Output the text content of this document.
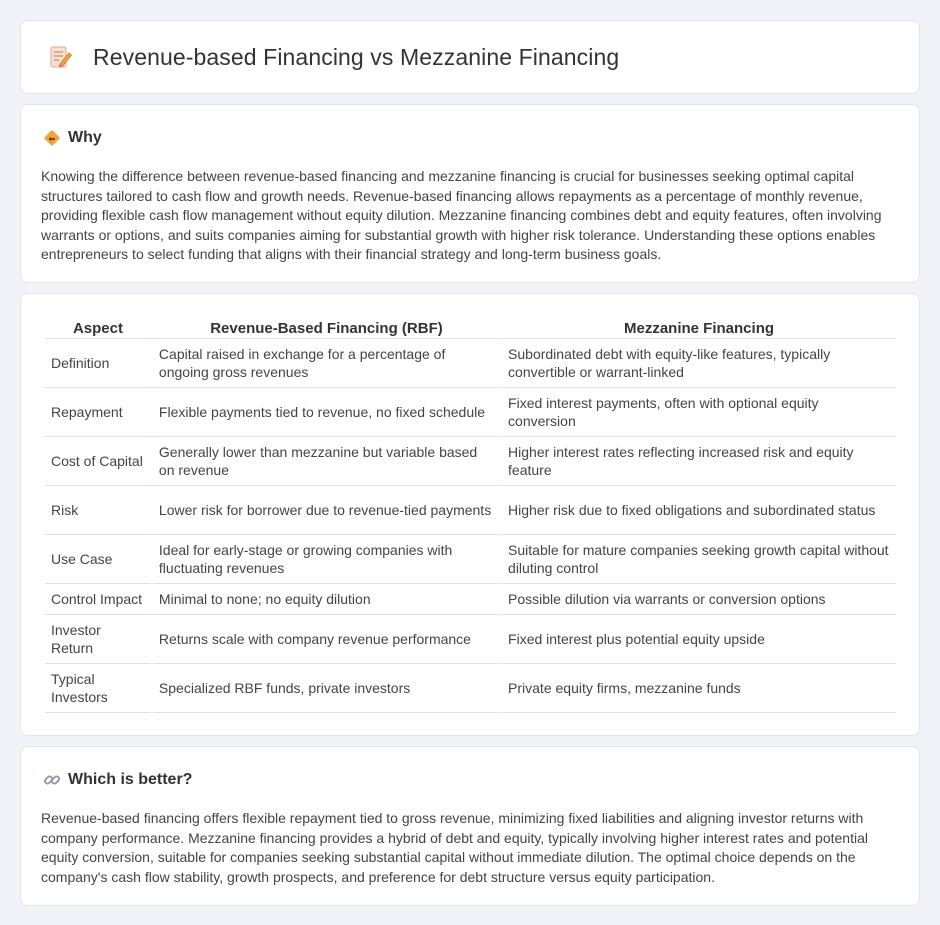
Revenue-based Financing vs Mezzanine Financing
Why

Knowing the difference between revenue-based financing and mezzanine financing is crucial for businesses seeking optimal capital structures tailored to cash flow and growth needs. Revenue-based financing allows repayments as a percentage of monthly revenue, providing flexible cash flow management without equity dilution. Mezzanine financing combines debt and equity features, often involving warrants or options, and suits companies aiming for substantial growth with higher risk tolerance. Understanding these options enables entrepreneurs to select funding that aligns with their financial strategy and long-term business goals.

Aspect	Revenue-Based Financing (RBF)	Mezzanine Financing
Definition	Capital raised in exchange for a percentage of ongoing gross revenues	Subordinated debt with equity-like features, typically convertible or warrant-linked
Repayment	Flexible payments tied to revenue, no fixed schedule	Fixed interest payments, often with optional equity conversion
Cost of Capital	Generally lower than mezzanine but variable based on revenue	Higher interest rates reflecting increased risk and equity feature
Risk	Lower risk for borrower due to revenue-tied payments	Higher risk due to fixed obligations and subordinated status
Use Case	Ideal for early-stage or growing companies with fluctuating revenues	Suitable for mature companies seeking growth capital without diluting control
Control Impact	Minimal to none; no equity dilution	Possible dilution via warrants or conversion options
Investor Return	Returns scale with company revenue performance	Fixed interest plus potential equity upside
Typical Investors	Specialized RBF funds, private investors	Private equity firms, mezzanine funds
Which is better?

Revenue-based financing offers flexible repayment tied to gross revenue, minimizing fixed liabilities and aligning investor returns with company performance. Mezzanine financing provides a hybrid of debt and equity, typically involving higher interest rates and potential equity conversion, suitable for companies seeking substantial capital without immediate dilution. The optimal choice depends on the company's cash flow stability, growth prospects, and preference for debt structure versus equity participation.
